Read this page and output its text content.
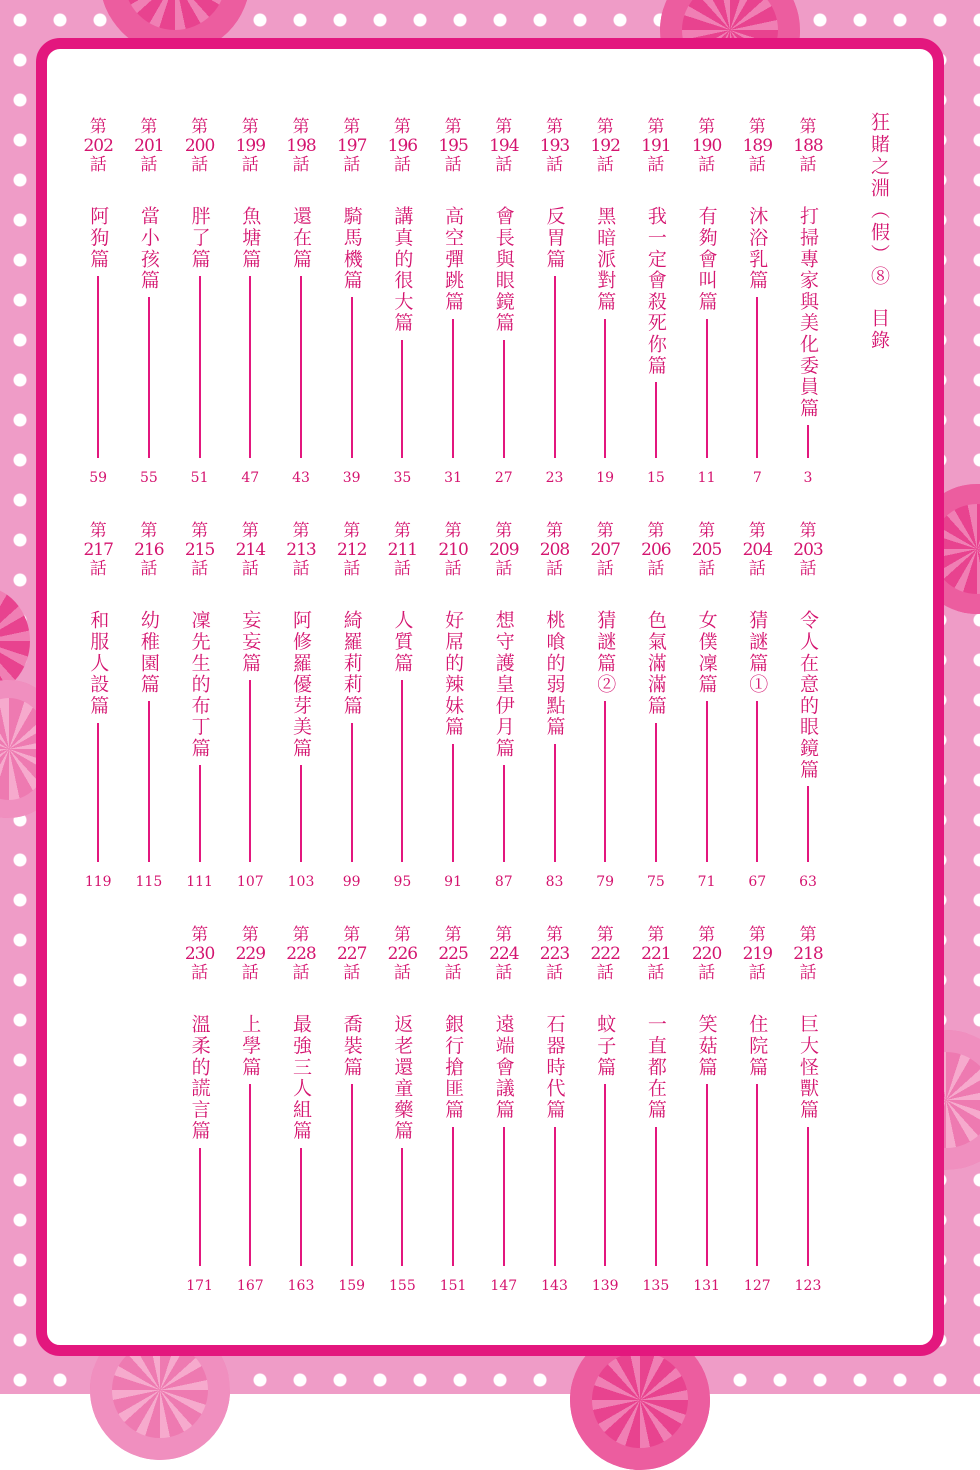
狂賭之淵（假）⑧目錄
第
188
話
打掃專家與美化委員篇
3
第
189
話
沐浴乳篇
7
第
190
話
有夠會叫篇
11
第
191
話
我一定會殺死你篇
15
第
192
話
黑暗派對篇
19
第
193
話
反胃篇
23
第
194
話
會長與眼鏡篇
27
第
195
話
高空彈跳篇
31
第
196
話
講真的很大篇
35
第
197
話
騎馬機篇
39
第
198
話
還在篇
43
第
199
話
魚塘篇
47
第
200
話
胖了篇
51
第
201
話
當小孩篇
55
第
202
話
阿狗篇
59
第
203
話
令人在意的眼鏡篇
63
第
204
話
猜謎篇①
67
第
205
話
女僕凜篇
71
第
206
話
色氣滿滿篇
75
第
207
話
猜謎篇②
79
第
208
話
桃喰的弱點篇
83
第
209
話
想守護皇伊月篇
87
第
210
話
好屌的辣妹篇
91
第
211
話
人質篇
95
第
212
話
綺羅莉莉篇
99
第
213
話
阿修羅優芽美篇
103
第
214
話
妄妄篇
107
第
215
話
凜先生的布丁篇
111
第
216
話
幼稚園篇
115
第
217
話
和服人設篇
119
第
218
話
巨大怪獸篇
123
第
219
話
住院篇
127
第
220
話
笑菇篇
131
第
221
話
一直都在篇
135
第
222
話
蚊子篇
139
第
223
話
石器時代篇
143
第
224
話
遠端會議篇
147
第
225
話
銀行搶匪篇
151
第
226
話
返老還童藥篇
155
第
227
話
喬裝篇
159
第
228
話
最強三人組篇
163
第
229
話
上學篇
167
第
230
話
溫柔的謊言篇
171
